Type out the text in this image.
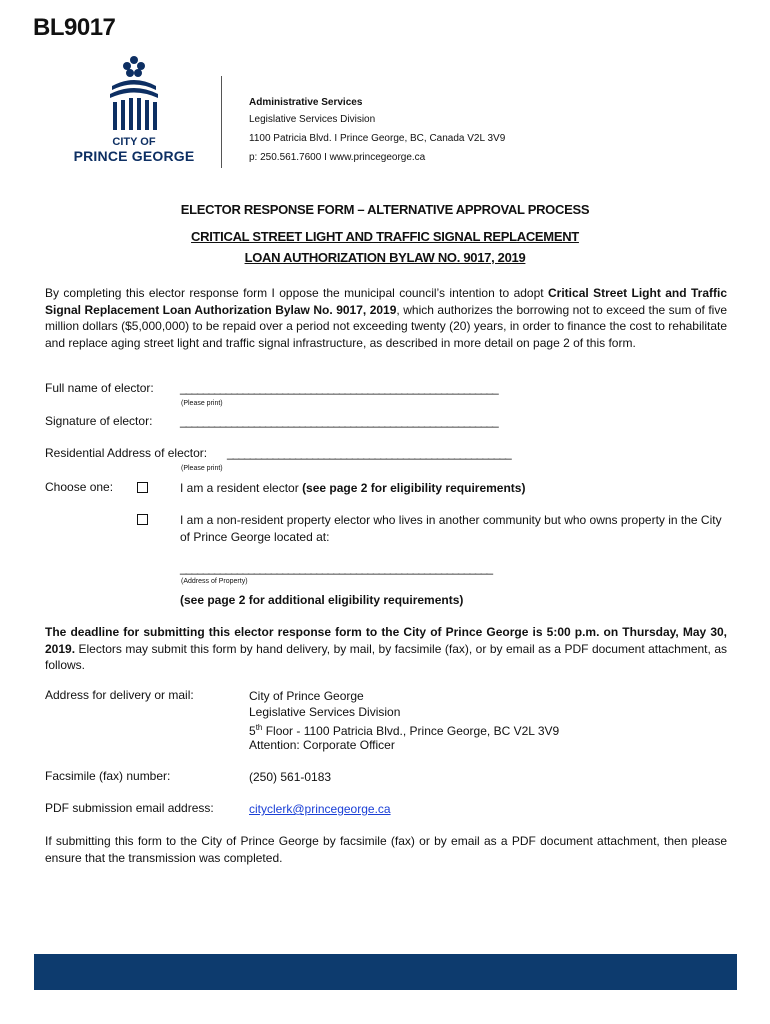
BL9017
CITY OF
PRINCE GEORGE
Administrative Services
Legislative Services Division
1100 Patricia Blvd. I Prince George, BC, Canada V2L 3V9
p: 250.561.7600 I www.princegeorge.ca
ELECTOR RESPONSE FORM – ALTERNATIVE APPROVAL PROCESS
CRITICAL STREET LIGHT AND TRAFFIC SIGNAL REPLACEMENT
LOAN AUTHORIZATION BYLAW NO. 9017, 2019
By completing this elector response form I oppose the municipal council’s intention to adopt Critical Street Light and Traffic Signal Replacement Loan Authorization Bylaw No. 9017, 2019, which authorizes the borrowing not to exceed the sum of five million dollars ($5,000,000) to be repaid over a period not exceeding twenty (20) years, in order to finance the cost to rehabilitate and replace aging street light and traffic signal infrastructure, as described in more detail on page 2 of this form.
Full name of elector: ________________________________________________________
(Please print)
Signature of elector: ________________________________________________________
Residential Address of elector: __________________________________________________
(Please print)
Choose one:	I am a resident elector (see page 2 for eligibility requirements)
I am a non-resident property elector who lives in another community but who owns property in the City of Prince George located at:
_______________________________________________________
(Address of Property)
(see page 2 for additional eligibility requirements)
The deadline for submitting this elector response form to the City of Prince George is 5:00 p.m. on Thursday, May 30, 2019. Electors may submit this form by hand delivery, by mail, by facsimile (fax), or by email as a PDF document attachment, as follows.
Address for delivery or mail:	City of Prince George
Legislative Services Division
5th Floor - 1100 Patricia Blvd., Prince George, BC V2L 3V9
Attention: Corporate Officer
Facsimile (fax) number:	(250) 561-0183
PDF submission email address:	cityclerk@princegeorge.ca
If submitting this form to the City of Prince George by facsimile (fax) or by email as a PDF document attachment, then please ensure that the transmission was completed.
